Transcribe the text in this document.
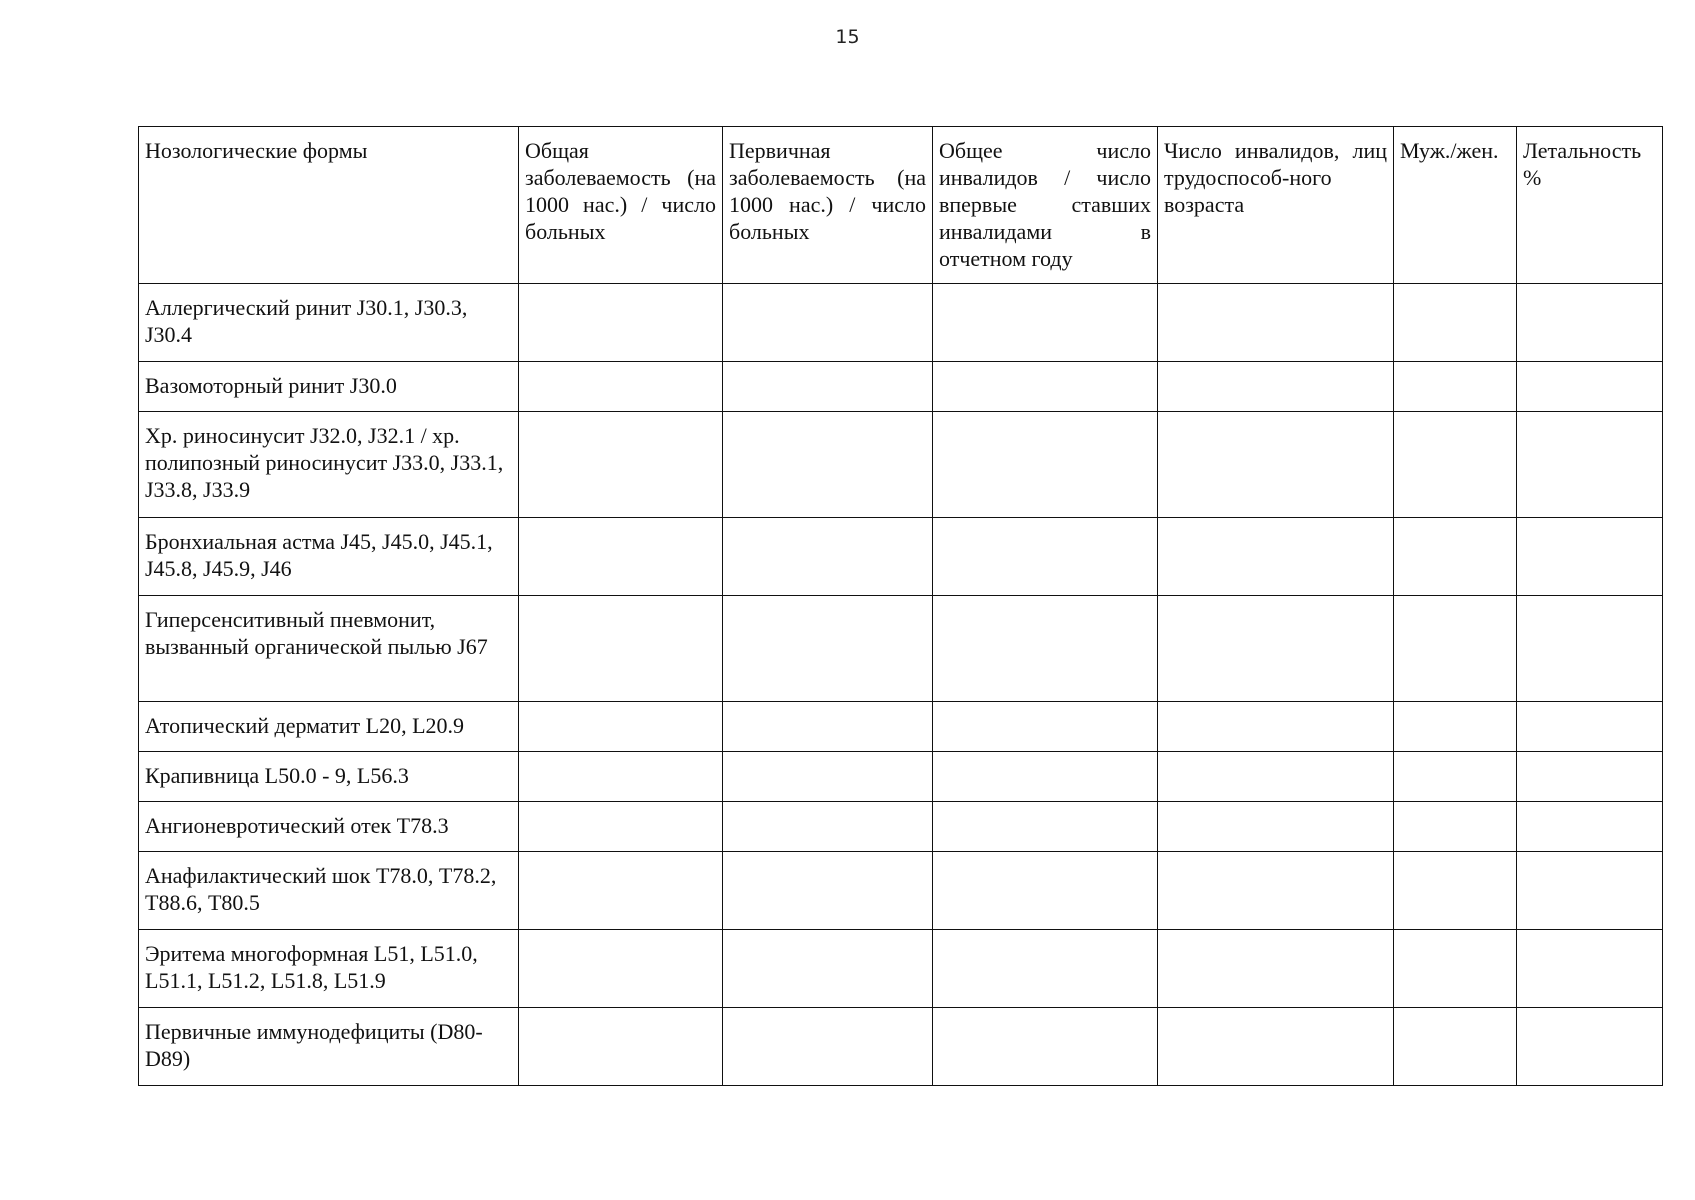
15
Нозологические формы	Общая заболеваемость (на 1000 нас.) / число больных	Первичная заболеваемость (на 1000 нас.) / число больных	Общее число инвалидов / число впервые ставших инвалидами в отчетном году	Число инвалидов, лиц трудоспособ-ного возраста	Муж./жен.	Летальность %
Аллергический ринит J30.1, J30.3, J30.4						
Вазомоторный ринит J30.0						
Хр. риносинусит J32.0, J32.1 / хр. полипозный риносинусит J33.0, J33.1, J33.8, J33.9						
Бронхиальная астма J45, J45.0, J45.1, J45.8, J45.9, J46						
Гиперсенситивный пневмонит, вызванный органической пылью J67						
Атопический дерматит L20, L20.9						
Крапивница L50.0 - 9, L56.3						
Ангионевротический отек Т78.3						
Анафилактический шок Т78.0, Т78.2, Т88.6, Т80.5						
Эритема многоформная L51, L51.0, L51.1, L51.2, L51.8, L51.9						
Первичные иммунодефициты (D80-D89)						
